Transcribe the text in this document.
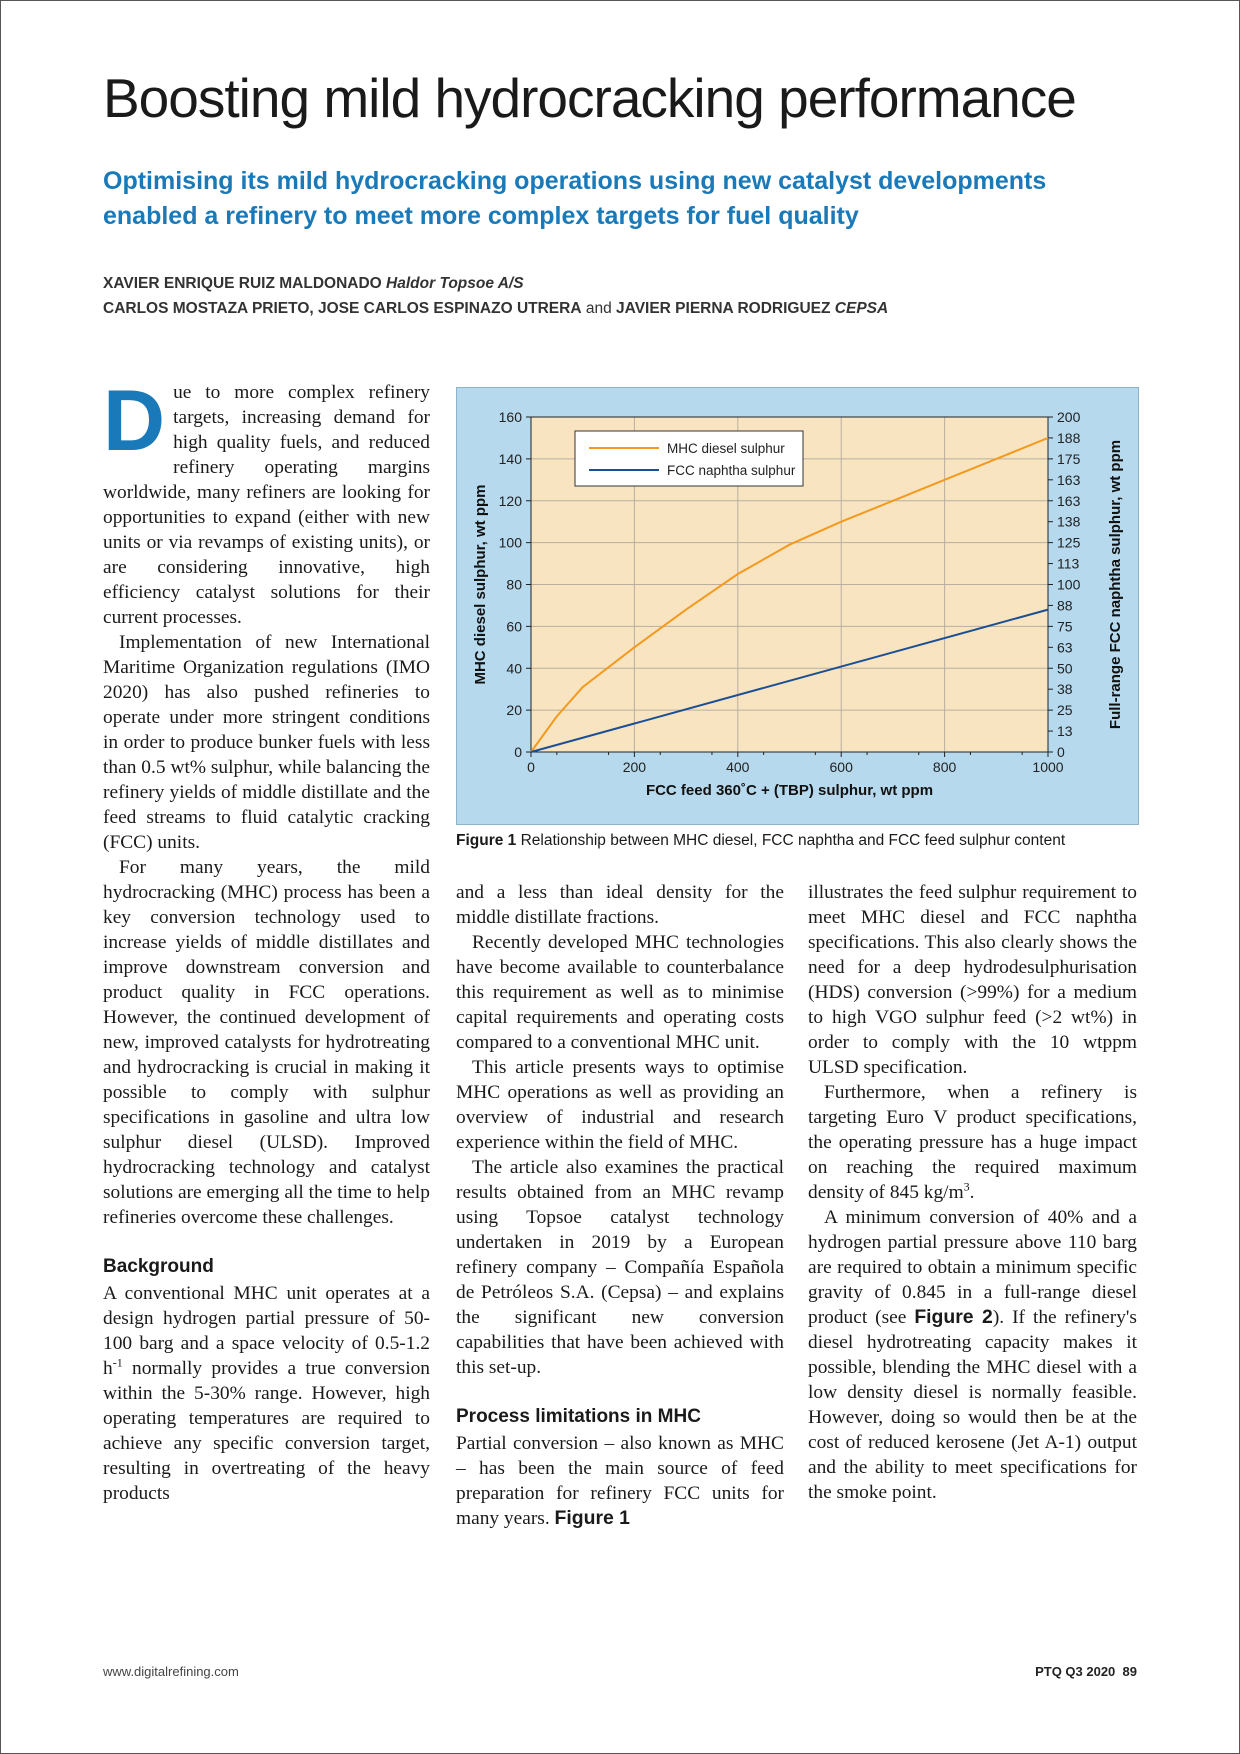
Boosting mild hydrocracking performance
Optimising its mild hydrocracking operations using new catalyst developments enabled a refinery to meet more complex targets for fuel quality
XAVIER ENRIQUE RUIZ MALDONADO Haldor Topsoe A/S
CARLOS MOSTAZA PRIETO, JOSE CARLOS ESPINAZO UTRERA and JAVIER PIERNA RODRIGUEZ CEPSA

Due to more complex refinery targets, increasing demand for high quality fuels, and reduced refinery operating margins worldwide, many refiners are looking for opportunities to expand (either with new units or via revamps of existing units), or are considering innovative, high efficiency catalyst solutions for their current processes.

Implementation of new International Maritime Organization regulations (IMO 2020) has also pushed refineries to operate under more stringent conditions in order to produce bunker fuels with less than 0.5 wt% sulphur, while balancing the refinery yields of middle distillate and the feed streams to fluid catalytic cracking (FCC) units.

For many years, the mild hydrocracking (MHC) process has been a key conversion technology used to increase yields of middle distillates and improve downstream conversion and product quality in FCC operations. However, the continued development of new, improved catalysts for hydrotreating and hydrocracking is crucial in making it possible to comply with sulphur specifications in gasoline and ultra low sulphur diesel (ULSD). Improved hydrocracking technology and catalyst solutions are emerging all the time to help refineries overcome these challenges.

Background

A conventional MHC unit operates at a design hydrogen partial pressure of 50-100 barg and a space velocity of 0.5-1.2 $h^{-1}$ normally provides a true conversion within the 5-30% range. However, high operating temperatures are required to achieve any specific conversion target, resulting in overtreating of the heavy products

0	200	400	600	800	1000
0
20
40
60
80
100
120
140
160
0
13
25
38
50
63
75
88
100
113
125
138
163
163
175
188
200
FCC feed 360˚C + (TBP) sulphur, wt ppm
MHC diesel sulphur, wt ppm	Full-range FCC naphtha sulphur, wt ppm
MHC diesel sulphur
FCC naphtha sulphur
Figure 1 Relationship between MHC diesel, FCC naphtha and FCC feed sulphur content

and a less than ideal density for the middle distillate fractions.

Recently developed MHC technologies have become available to counterbalance this requirement as well as to minimise capital requirements and operating costs compared to a conventional MHC unit.

This article presents ways to optimise MHC operations as well as providing an overview of industrial and research experience within the field of MHC.

The article also examines the practical results obtained from an MHC revamp using Topsoe catalyst technology undertaken in 2019 by a European refinery company – Compañía Española de Petróleos S.A. (Cepsa) – and explains the significant new conversion capabilities that have been achieved with this set-up.

Process limitations in MHC

Partial conversion – also known as MHC – has been the main source of feed preparation for refinery FCC units for many years. Figure 1

illustrates the feed sulphur requirement to meet MHC diesel and FCC naphtha specifications. This also clearly shows the need for a deep hydrodesulphurisation (HDS) conversion (>99%) for a medium to high VGO sulphur feed (>2 wt%) in order to comply with the 10 wtppm ULSD specification.

Furthermore, when a refinery is targeting Euro V product specifications, the operating pressure has a huge impact on reaching the required maximum density of 845 $kg/m^3$.

A minimum conversion of 40% and a hydrogen partial pressure above 110 barg are required to obtain a minimum specific gravity of 0.845 in a full-range diesel product (see Figure 2). If the refinery's diesel hydrotreating capacity makes it possible, blending the MHC diesel with a low density diesel is normally feasible. However, doing so would then be at the cost of reduced kerosene (Jet A-1) output and the ability to meet specifications for the smoke point.

www.digitalrefining.com	PTQ Q3 2020 89
